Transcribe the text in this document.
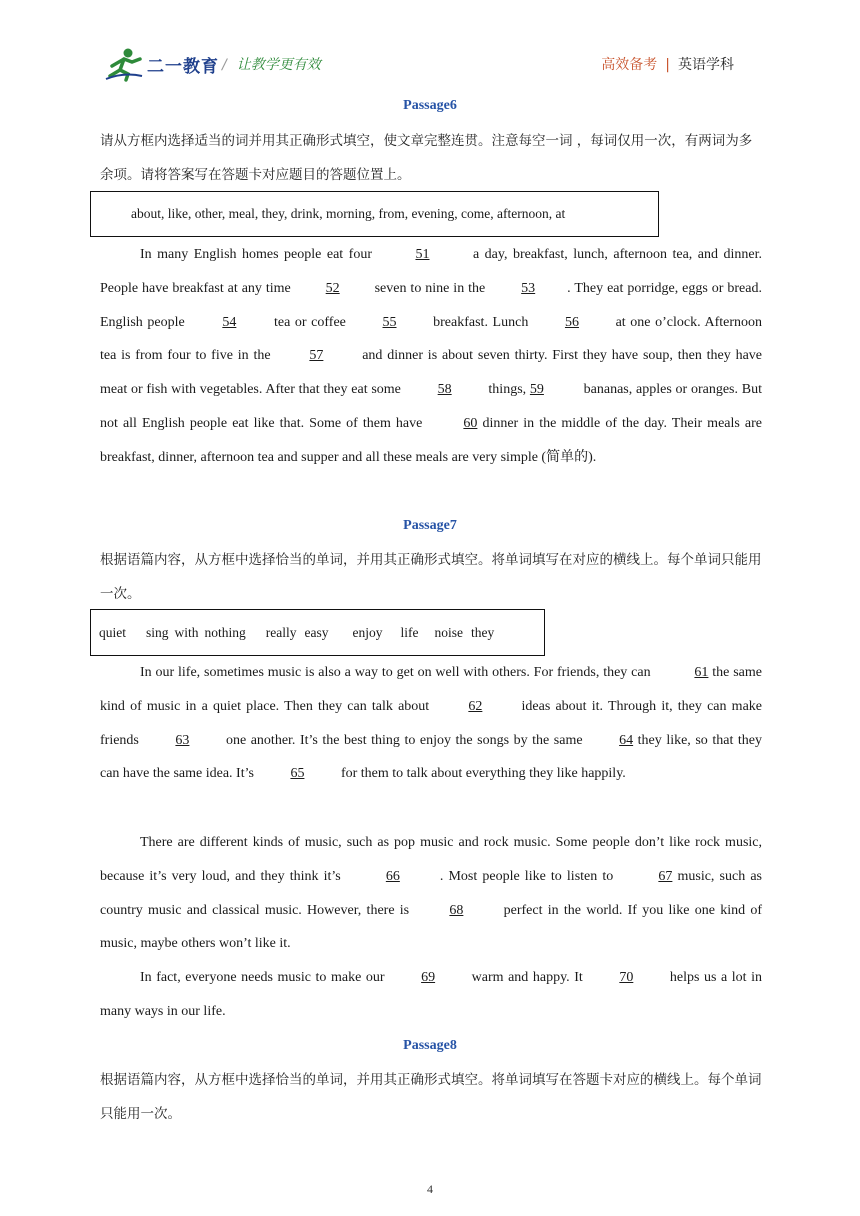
二一教育 / 让教学更有效	高效备考 | 英语学科
Passage6
请从方框内选择适当的词并用其正确形式填空，使文章完整连贯。注意每空一词 ，每词仅用一次，有两词为多余项。请将答案写在答题卡对应题目的答题位置上。
about, like, other, meal, they, drink, morning, from, evening, come, afternoon, at
In many English homes people eat four	51	a day, breakfast, lunch, afternoon tea, and dinner. People have breakfast at any time 52 seven to nine in the 53 . They eat porridge, eggs or bread. English people 54 tea or coffee 55 breakfast. Lunch 56 at one o’clock. Afternoon tea is from four to five in the 57 and dinner is about seven thirty. First they have soup, then they have meat or fish with vegetables. After that they eat some 58 things, 59	bananas, apples or oranges. But not all English people eat like that. Some of them have	60 dinner in the middle of the day. Their meals are breakfast, dinner, afternoon tea and supper and all these meals are very simple (简单的).
Passage7
根据语篇内容，从方框中选择恰当的单词，并用其正确形式填空。将单词填写在对应的横线上。每个单词只能用一次。
quiet sing with nothing really easy enjoy life noise they
In our life, sometimes music is also a way to get on well with others. For friends, they can	61 the same kind of music in a quiet place. Then they can talk about 62 ideas about it. Through it, they can make friends 63 one another. It’s the best thing to enjoy the songs by the same 64 they like, so that they can have the same idea. It’s 65 for them to talk about everything they like happily.
There are different kinds of music, such as pop music and rock music. Some people don’t like rock music, because it’s very loud, and they think it’s	66	. Most people like to listen to	67 music, such as country music and classical music. However, there is	68	perfect in the world. If you like one kind of music, maybe others won’t like it.
In fact, everyone needs music to make our 69 warm and happy. It 70 helps us a lot in many ways in our life.
Passage8
根据语篇内容，从方框中选择恰当的单词，并用其正确形式填空。将单词填写在答题卡对应的横线上。每个单词只能用一次。
4
